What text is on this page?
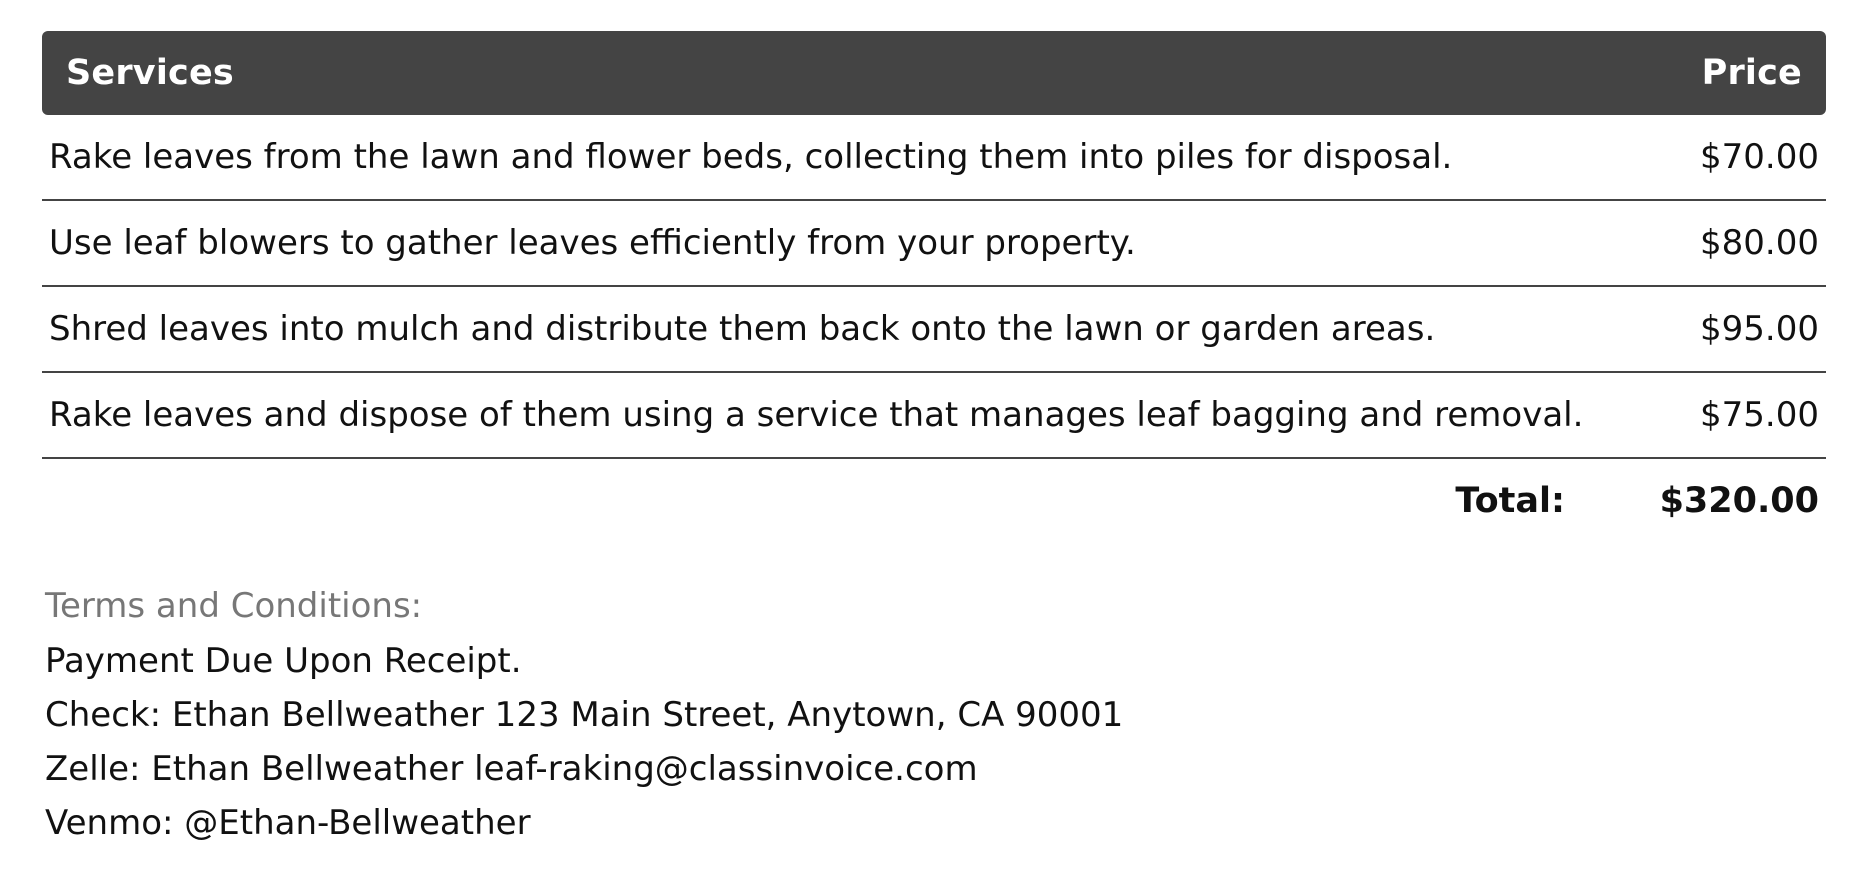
Services	Price
Rake leaves from the lawn and flower beds, collecting them into piles for disposal.	$70.00
Use leaf blowers to gather leaves efficiently from your property.	$80.00
Shred leaves into mulch and distribute them back onto the lawn or garden areas.	$95.00
Rake leaves and dispose of them using a service that manages leaf bagging and removal.	$75.00
Total:	$320.00
Terms and Conditions:
Payment Due Upon Receipt.
Check: Ethan Bellweather 123 Main Street, Anytown, CA 90001
Zelle: Ethan Bellweather leaf-raking@classinvoice.com
Venmo: @Ethan-Bellweather
